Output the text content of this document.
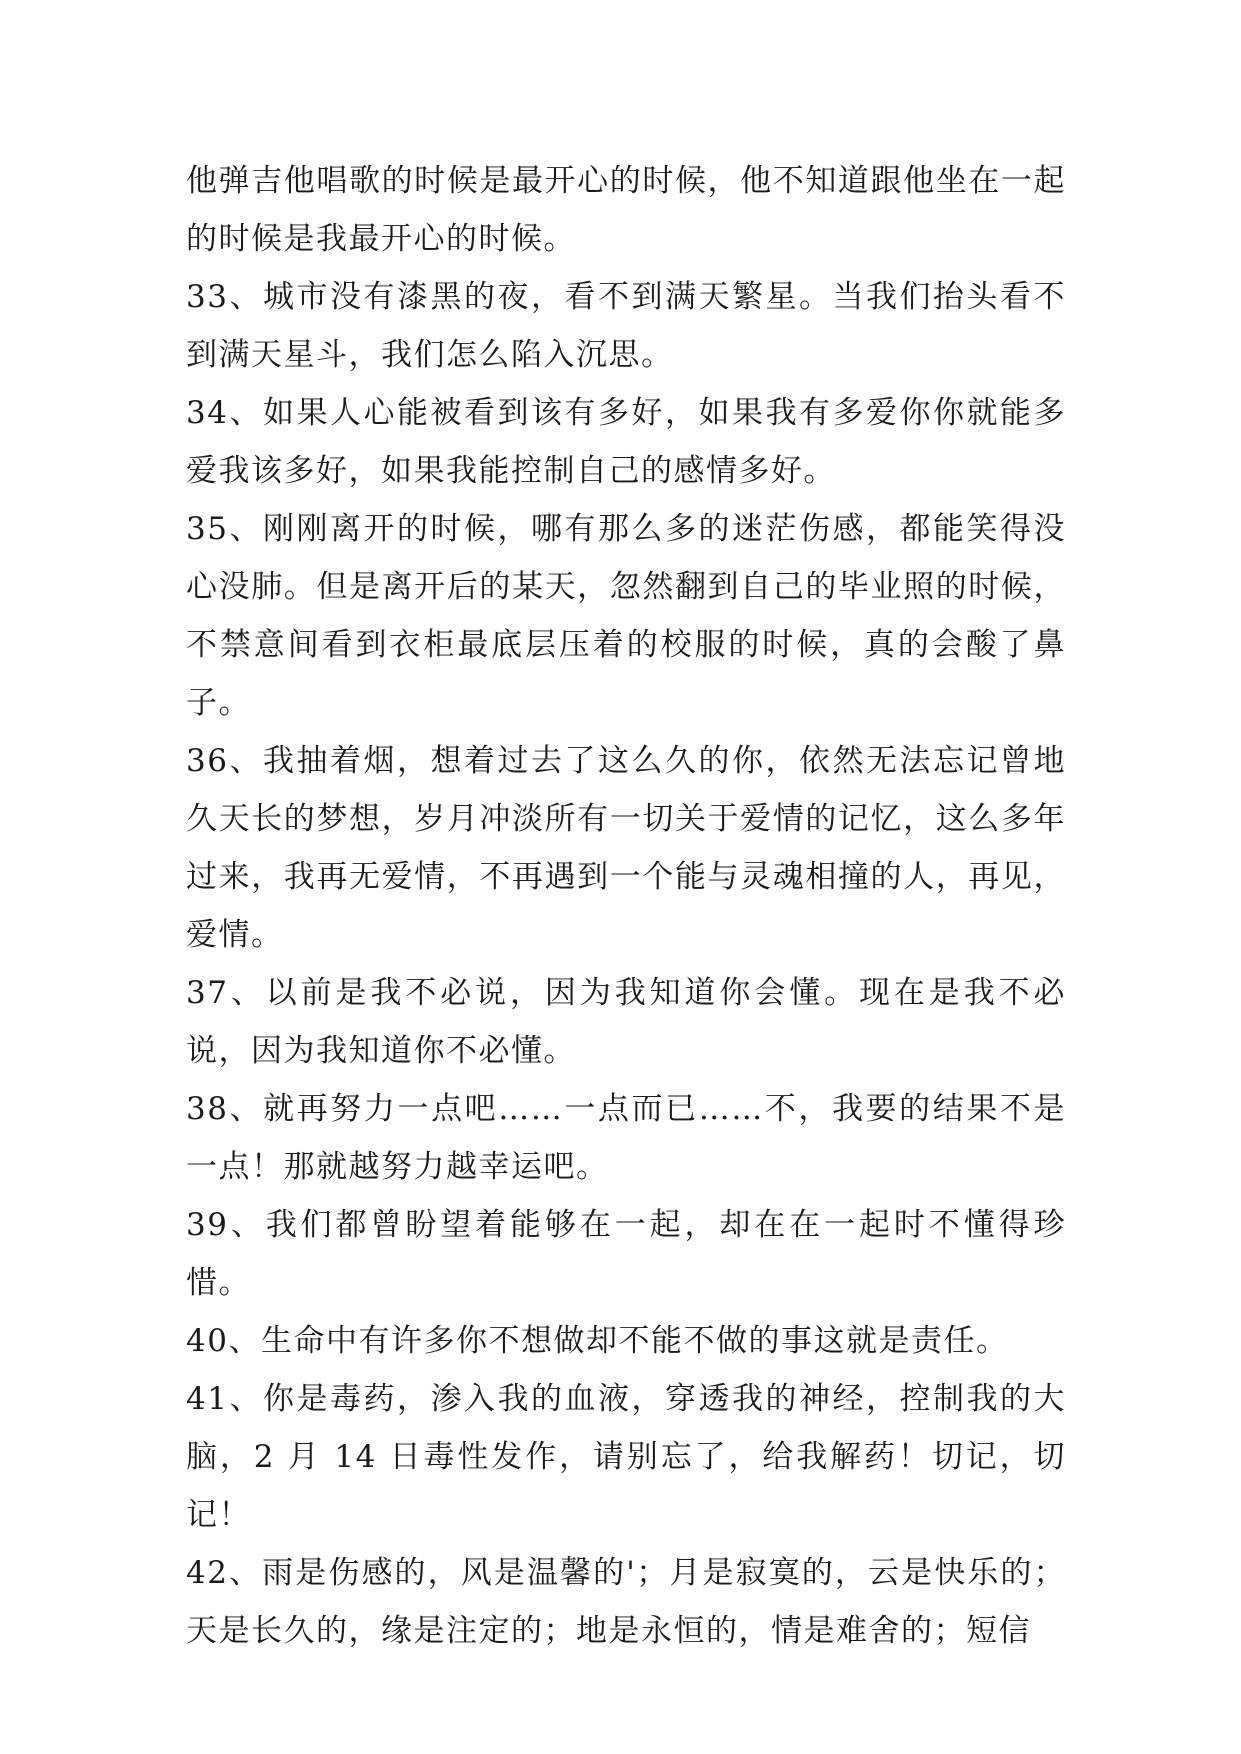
他弹吉他唱歌的时候是最开心的时候，他不知道跟他坐在一起的时候是我最开心的时候。

33、城市没有漆黑的夜，看不到满天繁星。当我们抬头看不到满天星斗，我们怎么陷入沉思。

34、如果人心能被看到该有多好，如果我有多爱你你就能多爱我该多好，如果我能控制自己的感情多好。

35、刚刚离开的时候，哪有那么多的迷茫伤感，都能笑得没心没肺。但是离开后的某天，忽然翻到自己的毕业照的时候，不禁意间看到衣柜最底层压着的校服的时候，真的会酸了鼻子。

36、我抽着烟，想着过去了这么久的你，依然无法忘记曾地久天长的梦想，岁月冲淡所有一切关于爱情的记忆，这么多年过来，我再无爱情，不再遇到一个能与灵魂相撞的人，再见，爱情。

37、以前是我不必说，因为我知道你会懂。现在是我不必说，因为我知道你不必懂。

38、就再努力一点吧……一点而已……不，我要的结果不是一点！那就越努力越幸运吧。

39、我们都曾盼望着能够在一起，却在在一起时不懂得珍惜。

40、生命中有许多你不想做却不能不做的事这就是责任。

41、你是毒药，渗入我的血液，穿透我的神经，控制我的大脑，2 月 14 日毒性发作，请别忘了，给我解药！切记，切记！

42、雨是伤感的，风是温馨的'；月是寂寞的，云是快乐的；天是长久的，缘是注定的；地是永恒的，情是难舍的；短信
